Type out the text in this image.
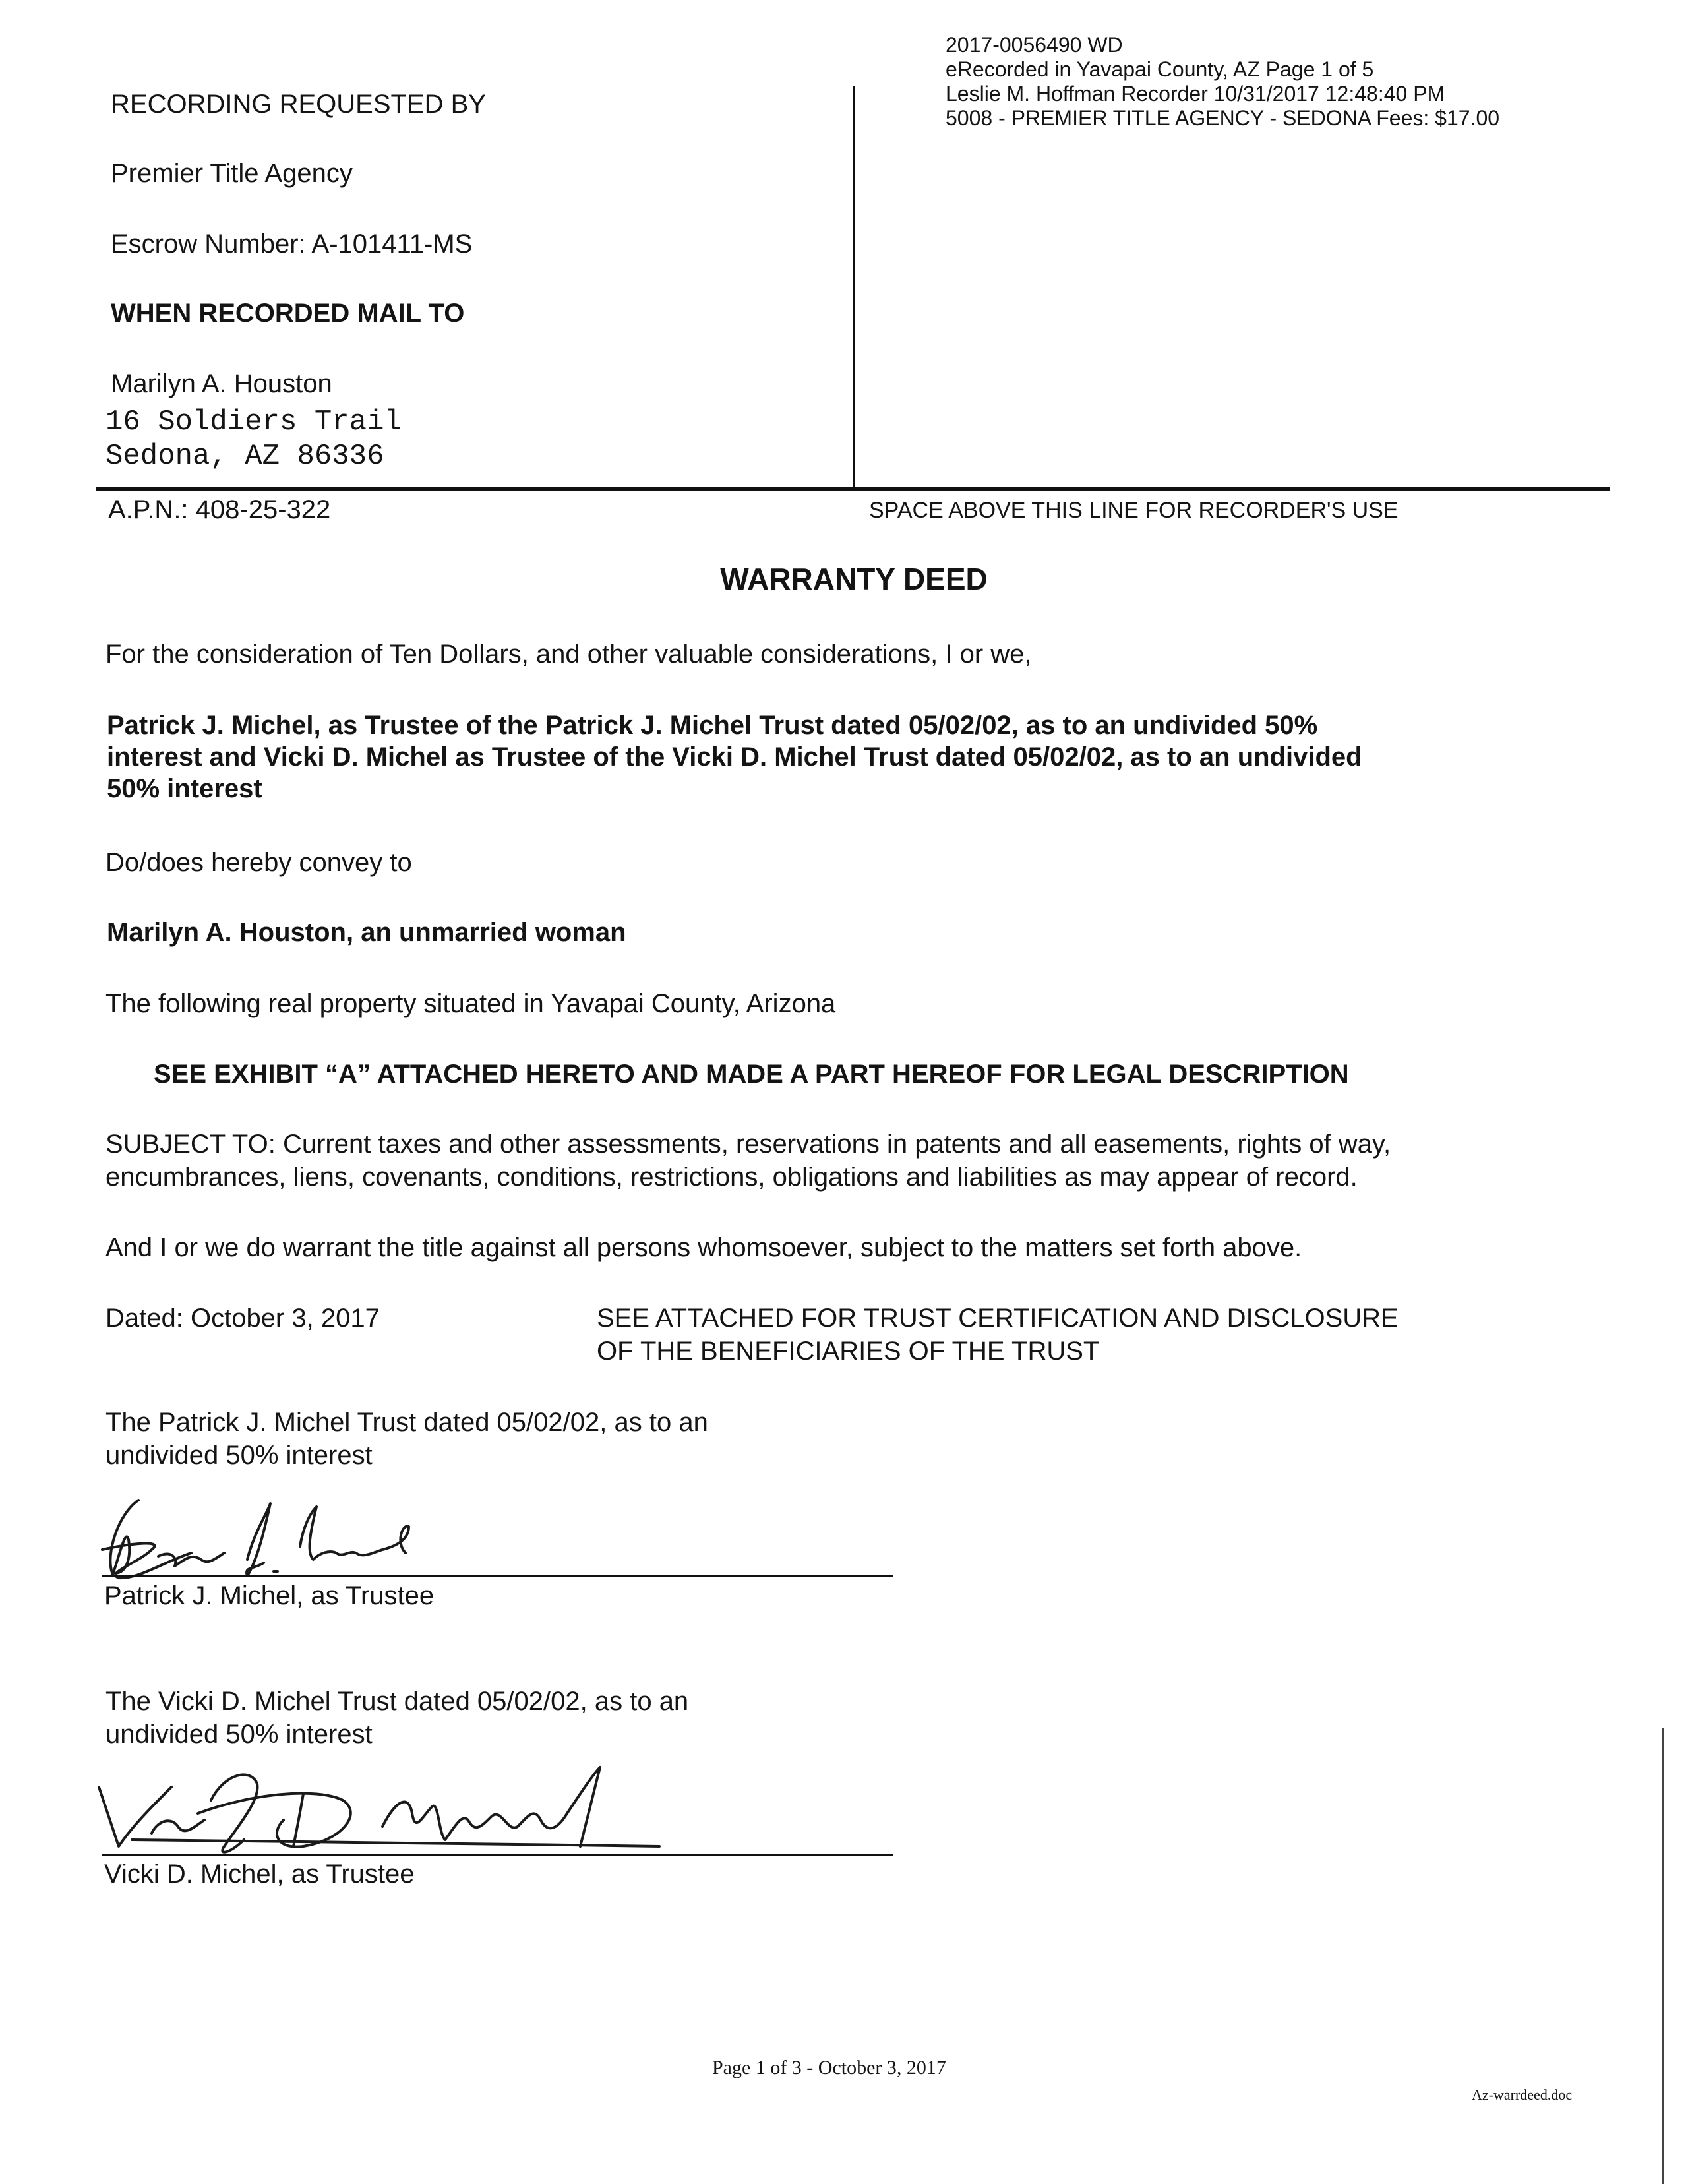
2017-0056490 WD
eRecorded in Yavapai County, AZ Page 1 of 5
Leslie M. Hoffman Recorder 10/31/2017 12:48:40 PM
5008 - PREMIER TITLE AGENCY - SEDONA Fees: $17.00
RECORDING REQUESTED BY
Premier Title Agency
Escrow Number: A-101411-MS
WHEN RECORDED MAIL TO
Marilyn A. Houston
16 Soldiers Trail
Sedona, AZ 86336
A.P.N.: 408-25-322	SPACE ABOVE THIS LINE FOR RECORDER'S USE
WARRANTY DEED
For the consideration of Ten Dollars, and other valuable considerations, I or we,
Patrick J. Michel, as Trustee of the Patrick J. Michel Trust dated 05/02/02, as to an undivided 50%
interest and Vicki D. Michel as Trustee of the Vicki D. Michel Trust dated 05/02/02, as to an undivided
50% interest
Do/does hereby convey to
Marilyn A. Houston, an unmarried woman
The following real property situated in Yavapai County, Arizona
SEE EXHIBIT “A” ATTACHED HERETO AND MADE A PART HEREOF FOR LEGAL DESCRIPTION
SUBJECT TO: Current taxes and other assessments, reservations in patents and all easements, rights of way,
encumbrances, liens, covenants, conditions, restrictions, obligations and liabilities as may appear of record.
And I or we do warrant the title against all persons whomsoever, subject to the matters set forth above.
Dated: October 3, 2017	SEE ATTACHED FOR TRUST CERTIFICATION AND DISCLOSURE
OF THE BENEFICIARIES OF THE TRUST
The Patrick J. Michel Trust dated 05/02/02, as to an
undivided 50% interest
Patrick J. Michel, as Trustee
The Vicki D. Michel Trust dated 05/02/02, as to an
undivided 50% interest
Vicki D. Michel, as Trustee
Page 1 of 3 - October 3, 2017
Az-warrdeed.doc
